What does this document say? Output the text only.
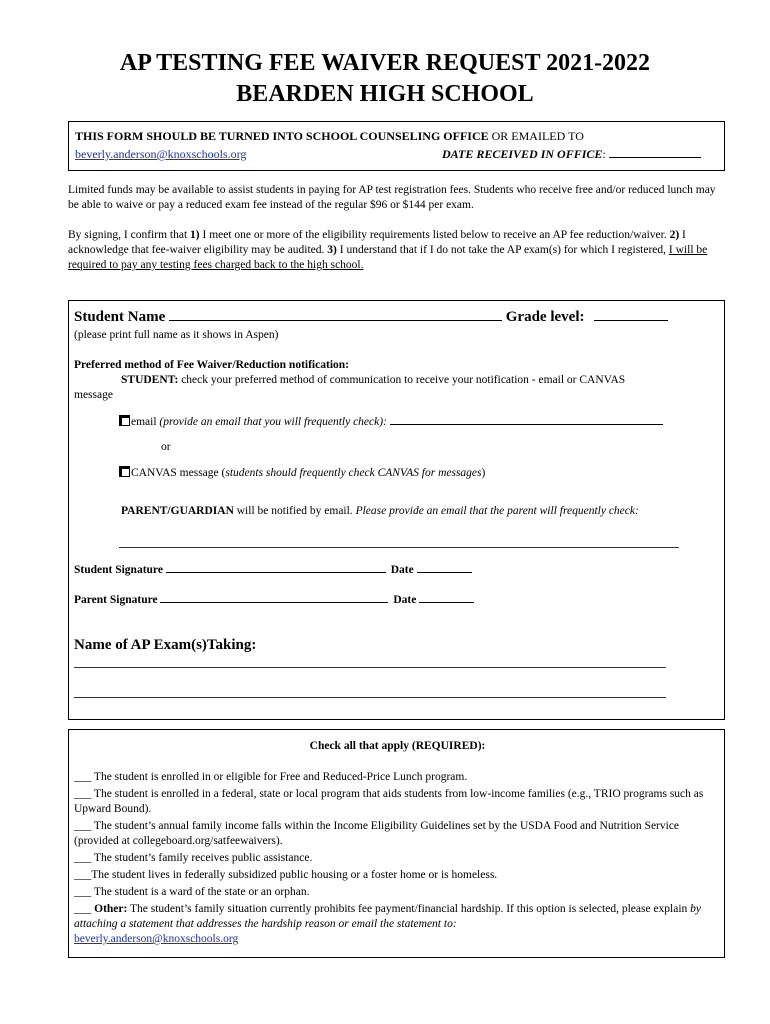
AP TESTING FEE WAIVER REQUEST 2021-2022
BEARDEN HIGH SCHOOL
THIS FORM SHOULD BE TURNED INTO SCHOOL COUNSELING OFFICE OR EMAILED TO
beverly.anderson@knoxschools.org	DATE RECEIVED IN OFFICE:
Limited funds may be available to assist students in paying for AP test registration fees. Students who receive free and/or reduced lunch may be able to waive or pay a reduced exam fee instead of the regular $96 or $144 per exam.
By signing, I confirm that 1) I meet one or more of the eligibility requirements listed below to receive an AP fee reduction/waiver. 2) I acknowledge that fee-waiver eligibility may be audited. 3) I understand that if I do not take the AP exam(s) for which I registered, I will be required to pay any testing fees charged back to the high school.
Student Name	Grade level:
(please print full name as it shows in Aspen)
Preferred method of Fee Waiver/Reduction notification:
STUDENT: check your preferred method of communication to receive your notification - email or CANVAS
message
email (provide an email that you will frequently check):
or
CANVAS message (students should frequently check CANVAS for messages)
PARENT/GUARDIAN will be notified by email. Please provide an email that the parent will frequently check:
Student Signature	Date
Parent Signature	Date
Name of AP Exam(s)Taking:
Check all that apply (REQUIRED):
___ The student is enrolled in or eligible for Free and Reduced-Price Lunch program.
___ The student is enrolled in a federal, state or local program that aids students from low-income families (e.g., TRIO programs such as Upward Bound).
___ The student’s annual family income falls within the Income Eligibility Guidelines set by the USDA Food and Nutrition Service (provided at collegeboard.org/satfeewaivers).
___ The student’s family receives public assistance.
___The student lives in federally subsidized public housing or a foster home or is homeless.
___ The student is a ward of the state or an orphan.
___ Other: The student’s family situation currently prohibits fee payment/financial hardship. If this option is selected, please explain by attaching a statement that addresses the hardship reason or email the statement to:
beverly.anderson@knoxschools.org
